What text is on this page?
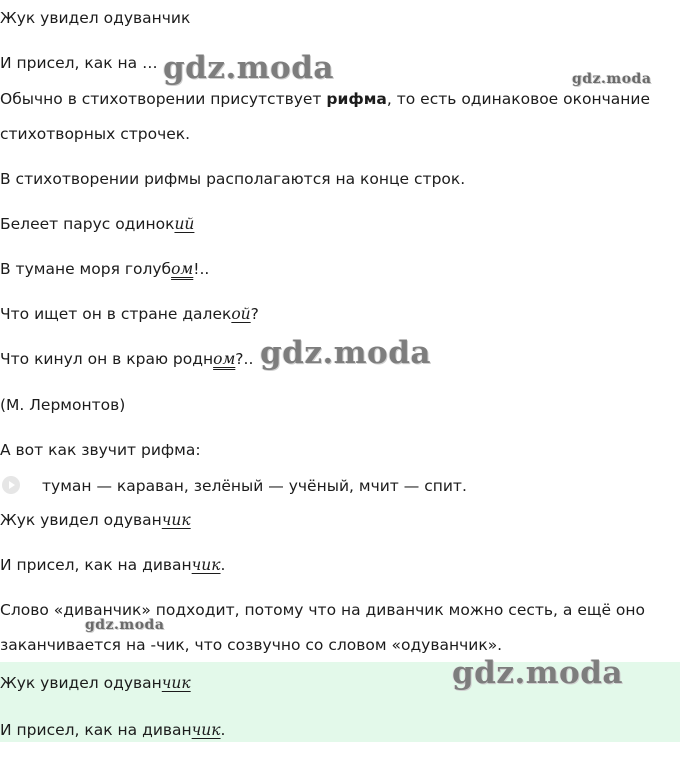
Жук увидел одуванчик
И присел, как на … .
Обычно в стихотворении присутствует рифма, то есть одинаковое окончание
стихотворных строчек.
В стихотворении рифмы располагаются на конце строк.
Белеет парус одинокий
В тумане моря голубом!..
Что ищет он в стране далекой?
Что кинул он в краю родном?..
(М. Лермонтов)
А вот как звучит рифма:
туман — караван, зелёный — учёный, мчит — спит.
Жук увидел одуванчик
И присел, как на диванчик.
Слово «диванчик» подходит, потому что на диванчик можно сесть, а ещё оно
заканчивается на -чик, что созвучно со словом «одуванчик».
Жук увидел одуванчик
И присел, как на диванчик.
gdz.moda	gdz.moda
gdz.moda
gdz.moda
gdz.moda
